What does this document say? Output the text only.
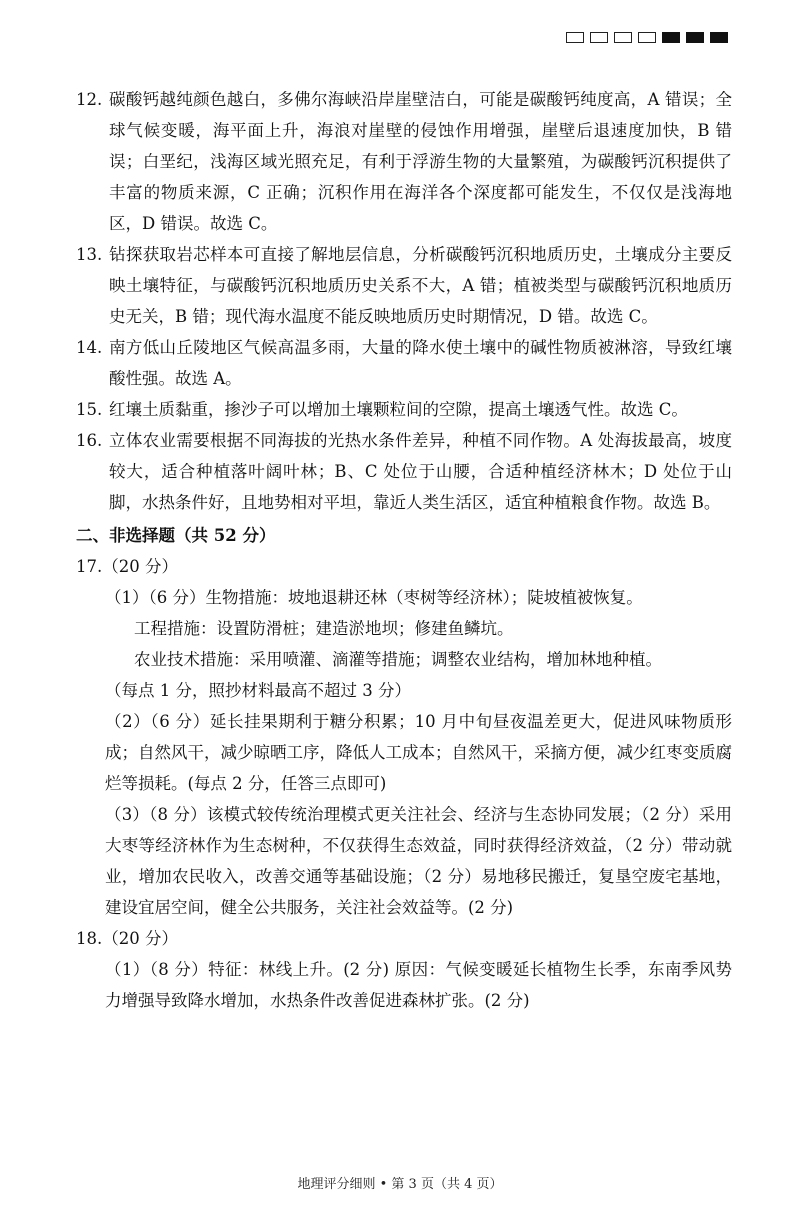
12. 碳酸钙越纯颜色越白，多佛尔海峡沿岸崖壁洁白，可能是碳酸钙纯度高，A 错误；全球气候变暖，海平面上升，海浪对崖壁的侵蚀作用增强，崖壁后退速度加快，B 错误；白垩纪，浅海区域光照充足，有利于浮游生物的大量繁殖，为碳酸钙沉积提供了丰富的物质来源，C 正确；沉积作用在海洋各个深度都可能发生，不仅仅是浅海地区，D 错误。故选 C。
13. 钻探获取岩芯样本可直接了解地层信息，分析碳酸钙沉积地质历史，土壤成分主要反映土壤特征，与碳酸钙沉积地质历史关系不大，A 错；植被类型与碳酸钙沉积地质历史无关，B 错；现代海水温度不能反映地质历史时期情况，D 错。故选 C。
14. 南方低山丘陵地区气候高温多雨，大量的降水使土壤中的碱性物质被淋溶，导致红壤酸性强。故选 A。
15. 红壤土质黏重，掺沙子可以增加土壤颗粒间的空隙，提高土壤透气性。故选 C。
16. 立体农业需要根据不同海拔的光热水条件差异，种植不同作物。A 处海拔最高，坡度较大，适合种植落叶阔叶林；B、C 处位于山腰，合适种植经济林木；D 处位于山脚，水热条件好，且地势相对平坦，靠近人类生活区，适宜种植粮食作物。故选 B。
二、非选择题（共 52 分）
17.（20 分）
（1）（6 分）生物措施：坡地退耕还林（枣树等经济林）；陡坡植被恢复。
工程措施：设置防滑桩；建造淤地坝；修建鱼鳞坑。
农业技术措施：采用喷灌、滴灌等措施；调整农业结构，增加林地种植。
（每点 1 分，照抄材料最高不超过 3 分）
（2）（6 分）延长挂果期利于糖分积累；10 月中旬昼夜温差更大，促进风味物质形成；自然风干，减少晾晒工序，降低人工成本；自然风干，采摘方便，减少红枣变质腐烂等损耗。(每点 2 分，任答三点即可)
（3）（8 分）该模式较传统治理模式更关注社会、经济与生态协同发展；（2 分）采用大枣等经济林作为生态树种，不仅获得生态效益，同时获得经济效益，（2 分）带动就业，增加农民收入，改善交通等基础设施；（2 分）易地移民搬迁，复垦空废宅基地，建设宜居空间，健全公共服务，关注社会效益等。(2 分)
18.（20 分）
（1）（8 分）特征：林线上升。(2 分) 原因：气候变暖延长植物生长季，东南季风势力增强导致降水增加，水热条件改善促进森林扩张。(2 分)
地理评分细则 • 第 3 页（共 4 页）
